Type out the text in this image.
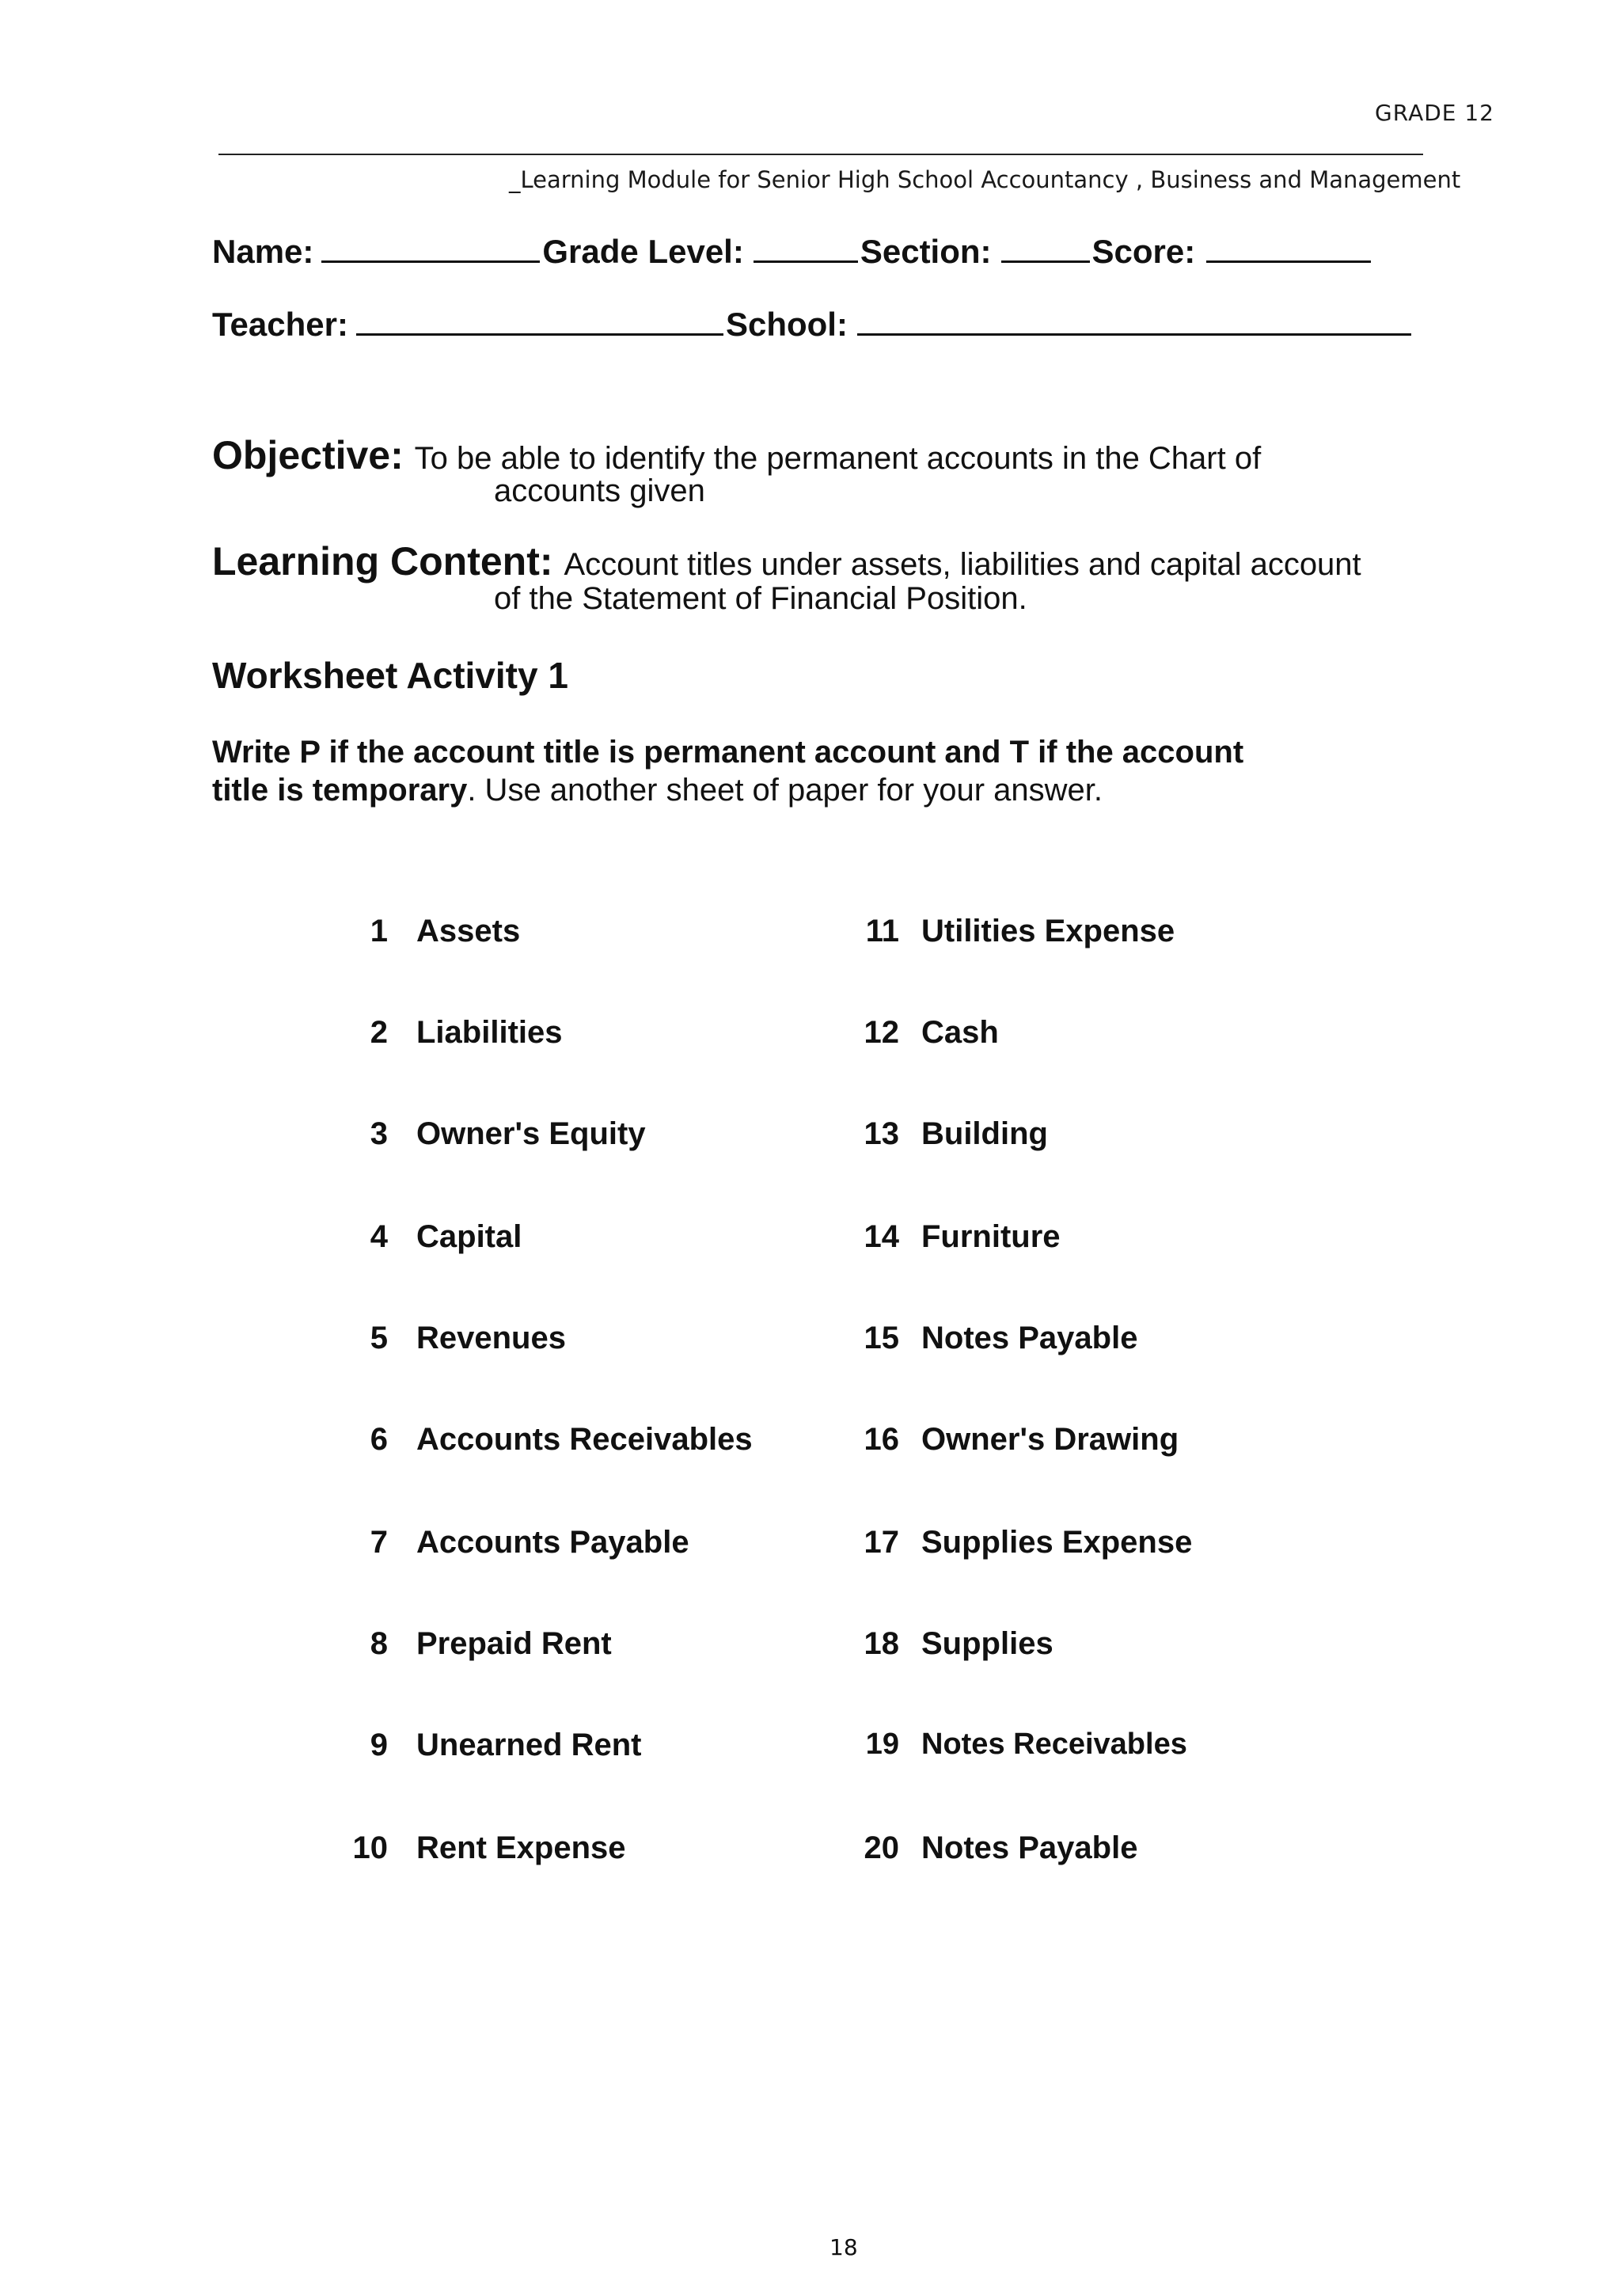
GRADE 12
_Learning Module for Senior High School Accountancy , Business and Management
Name:	Grade Level:	Section:	Score:
Teacher:	School:
Objective: To be able to identify the permanent accounts in the Chart of
accounts given
Learning Content: Account titles under assets, liabilities and capital account
of the Statement of Financial Position.
Worksheet Activity 1
Write P if the account title is permanent account and T if the account
title is temporary. Use another sheet of paper for your answer.
1 Assets
2 Liabilities
3 Owner's Equity
4 Capital
5 Revenues
6 Accounts Receivables
7 Accounts Payable
8 Prepaid Rent
9 Unearned Rent
10 Rent Expense
11 Utilities Expense
12 Cash
13 Building
14 Furniture
15 Notes Payable
16 Owner's Drawing
17 Supplies Expense
18 Supplies
19 Notes Receivables
20 Notes Payable
18
